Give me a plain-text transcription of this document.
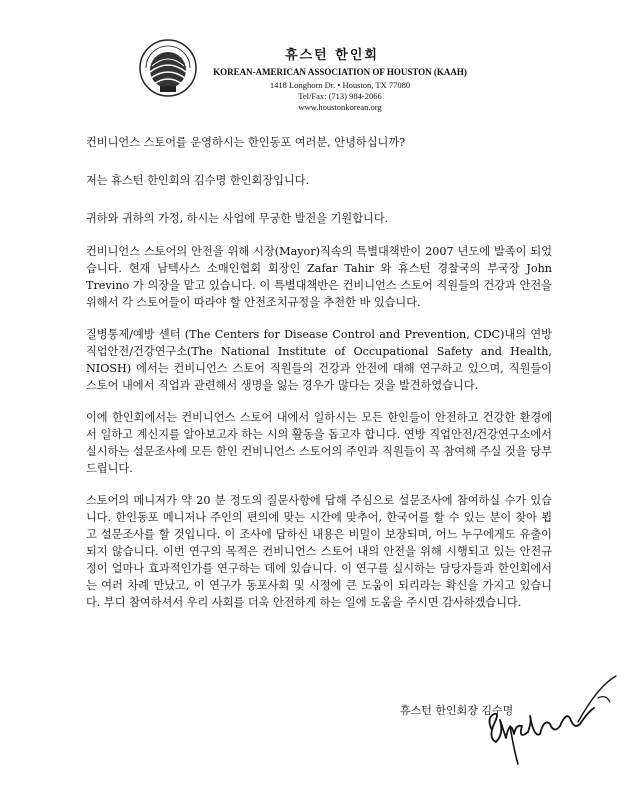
휴스턴 한인회
KOREAN-AMERICAN ASSOCIATION OF HOUSTON (KAAH)
1418 Longhorn Dr. • Houston, TX 77080
Tel/Fax: (713) 984-2066
www.houstonkorean.org

컨비니언스 스토어를 운영하시는 한인동포 여러분, 안녕하십니까?

저는 휴스턴 한인회의 김수명 한인회장입니다.

귀하와 귀하의 가정, 하시는 사업에 무궁한 발전을 기원합니다.

컨비니언스 스토어의 안전을 위해 시장(Mayor)직속의 특별대책반이 2007 년도에 발족이 되었습니다. 현재 남텍사스 소매인협회 회장인 Zafar Tahir 와 휴스턴 경찰국의 부국장 John Trevino 가 의장을 맡고 있습니다. 이 특별대책반은 컨비니언스 스토어 직원들의 건강과 안전을 위해서 각 스토어들이 따라야 할 안전조치규정을 추천한 바 있습니다.

질병통제/예방 센터 (The Centers for Disease Control and Prevention, CDC)내의 연방 직업안전/건강연구소(The National Institute of Occupational Safety and Health, NIOSH) 에서는 컨비니언스 스토어 직원들의 건강과 안전에 대해 연구하고 있으며, 직원들이 스토어 내에서 직업과 관련해서 생명을 잃는 경우가 많다는 것을 발견하였습니다.

이에 한인회에서는 컨비니언스 스토어 내에서 일하시는 모든 한인들이 안전하고 건강한 환경에서 일하고 계신지를 알아보고자 하는 시의 활동을 돕고자 합니다. 연방 직업안전/건강연구소에서 실시하는 설문조사에 모든 한인 컨비니언스 스토어의 주인과 직원들이 꼭 참여해 주실 것을 당부드립니다.

스토어의 메니저가 약 20 분 정도의 질문사항에 답해 주심으로 설문조사에 참여하실 수가 있습니다. 한인동포 메니저나 주인의 편의에 맞는 시간에 맞추어, 한국어를 할 수 있는 분이 찾아 뵙고 설문조사를 할 것입니다. 이 조사에 답하신 내용은 비밀이 보장되며, 어느 누구에게도 유출이 되지 않습니다. 이번 연구의 목적은 컨비니언스 스토어 내의 안전을 위해 시행되고 있는 안전규정이 얼마나 효과적인가를 연구하는 데에 있습니다. 이 연구를 실시하는 담당자들과 한인회에서는 여러 차례 만났고, 이 연구가 동포사회 및 시정에 큰 도움이 되리라는 확신을 가지고 있습니다. 부디 참여하셔서 우리 사회를 더욱 안전하게 하는 일에 도움을 주시면 감사하겠습니다.

휴스턴 한인회장 김수명
